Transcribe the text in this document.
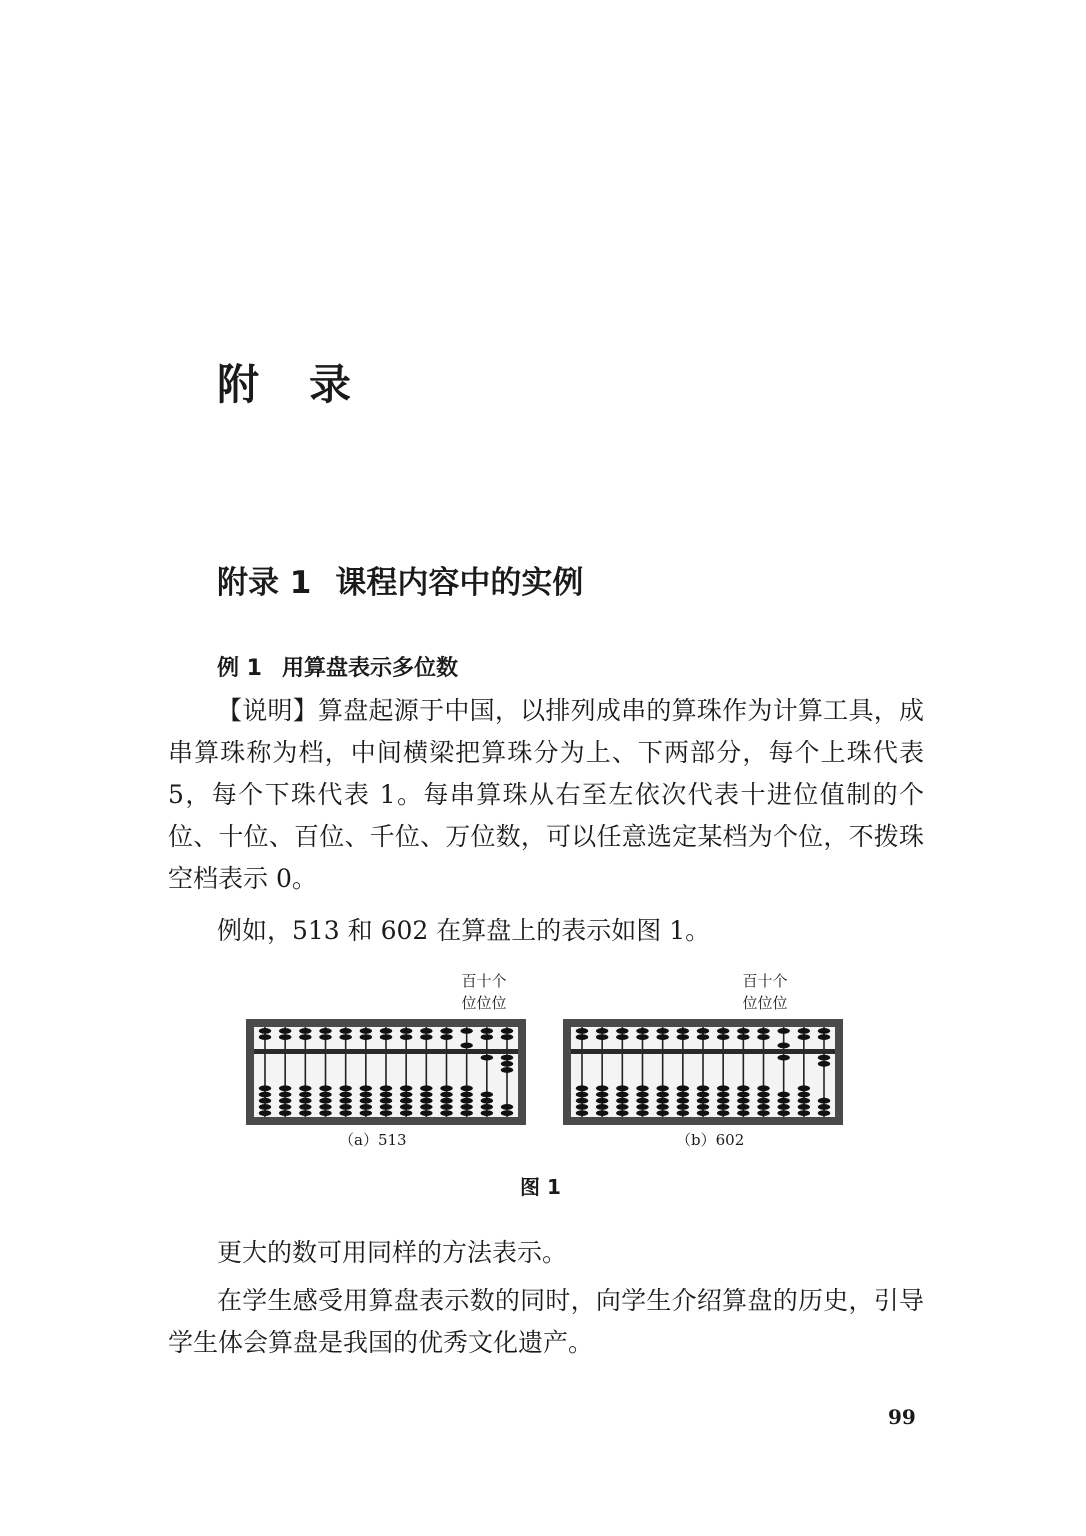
附 录
附录 1 课程内容中的实例
例 1 用算盘表示多位数

【说明】算盘起源于中国，以排列成串的算珠作为计算工具，成串算珠称为档，中间横梁把算珠分为上、下两部分，每个上珠代表5，每个下珠代表 1。每串算珠从右至左依次代表十进位值制的个位、十位、百位、千位、万位数，可以任意选定某档为个位，不拨珠空档表示 0。

例如，513 和 602 在算盘上的表示如图 1。

百十个
位位位
百十个
位位位
（a）513	（b）602
图 1

更大的数可用同样的方法表示。

在学生感受用算盘表示数的同时，向学生介绍算盘的历史，引导学生体会算盘是我国的优秀文化遗产。

99
